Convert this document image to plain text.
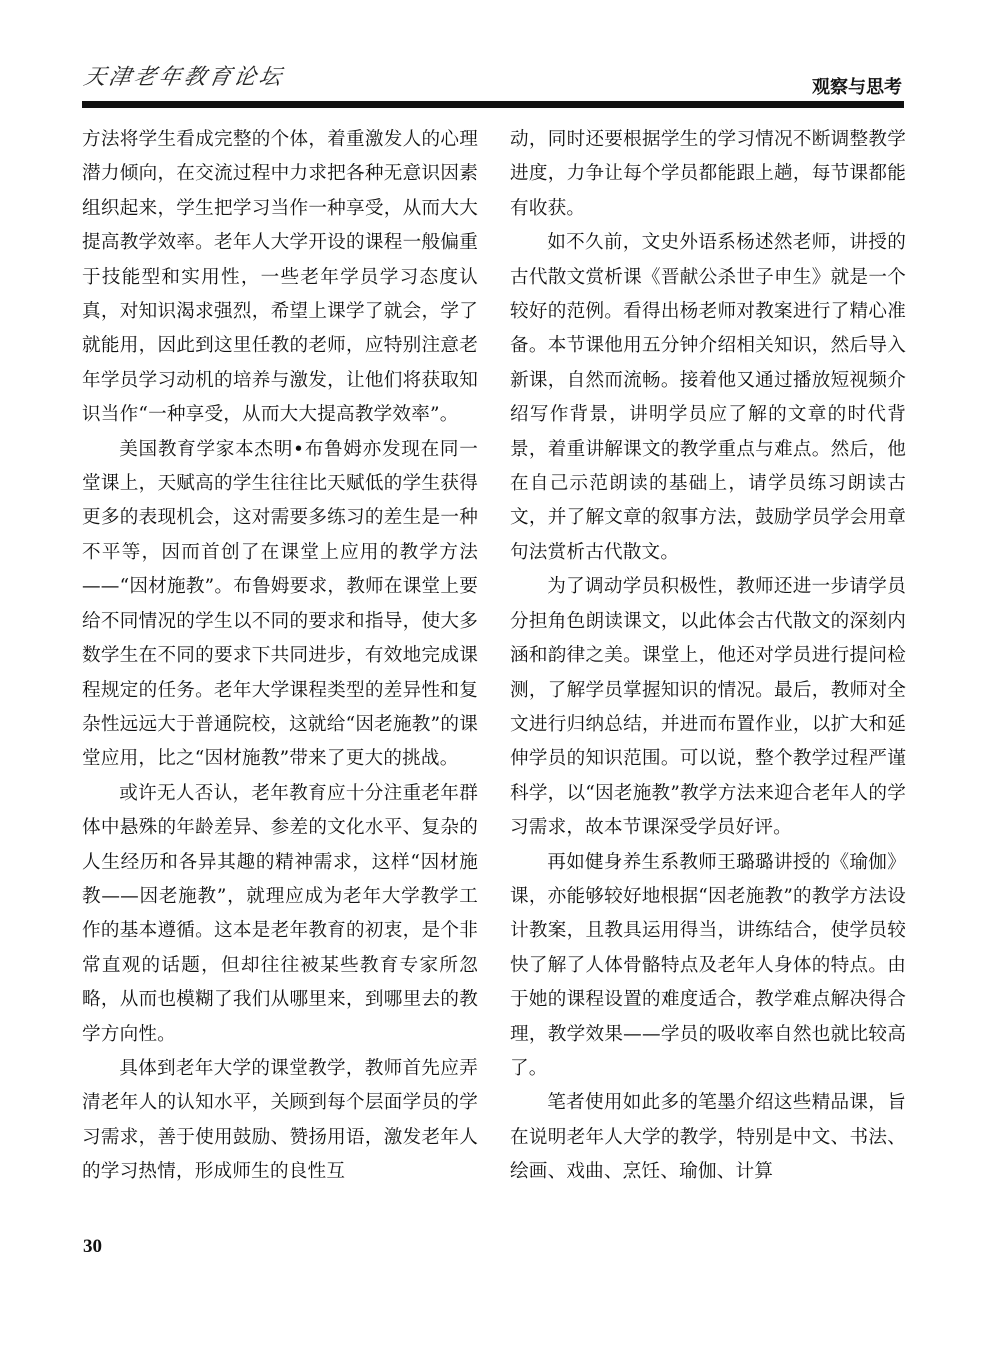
天津老年教育论坛	观察与思考

方法将学生看成完整的个体，着重激发人的心理潜力倾向，在交流过程中力求把各种无意识因素组织起来，学生把学习当作一种享受，从而大大提高教学效率。老年人大学开设的课程一般偏重于技能型和实用性，一些老年学员学习态度认真，对知识渴求强烈，希望上课学了就会，学了就能用，因此到这里任教的老师，应特别注意老年学员学习动机的培养与激发，让他们将获取知识当作“一种享受，从而大大提高教学效率”。

美国教育学家本杰明•布鲁姆亦发现在同一堂课上，天赋高的学生往往比天赋低的学生获得更多的表现机会，这对需要多练习的差生是一种不平等，因而首创了在课堂上应用的教学方法——“因材施教”。布鲁姆要求，教师在课堂上要给不同情况的学生以不同的要求和指导，使大多数学生在不同的要求下共同进步，有效地完成课程规定的任务。老年大学课程类型的差异性和复杂性远远大于普通院校，这就给“因老施教”的课堂应用，比之“因材施教”带来了更大的挑战。

或许无人否认，老年教育应十分注重老年群体中悬殊的年龄差异、参差的文化水平、复杂的人生经历和各异其趣的精神需求，这样“因材施教——因老施教”，就理应成为老年大学教学工作的基本遵循。这本是老年教育的初衷，是个非常直观的话题，但却往往被某些教育专家所忽略，从而也模糊了我们从哪里来，到哪里去的教学方向性。

具体到老年大学的课堂教学，教师首先应弄清老年人的认知水平，关顾到每个层面学员的学习需求，善于使用鼓励、赞扬用语，激发老年人的学习热情，形成师生的良性互

动，同时还要根据学生的学习情况不断调整教学进度，力争让每个学员都能跟上趟，每节课都能有收获。

如不久前，文史外语系杨述然老师，讲授的古代散文赏析课《晋献公杀世子申生》就是一个较好的范例。看得出杨老师对教案进行了精心准备。本节课他用五分钟介绍相关知识，然后导入新课，自然而流畅。接着他又通过播放短视频介绍写作背景，讲明学员应了解的文章的时代背景，着重讲解课文的教学重点与难点。然后，他在自己示范朗读的基础上，请学员练习朗读古文，并了解文章的叙事方法，鼓励学员学会用章句法赏析古代散文。

为了调动学员积极性，教师还进一步请学员分担角色朗读课文，以此体会古代散文的深刻内涵和韵律之美。课堂上，他还对学员进行提问检测，了解学员掌握知识的情况。最后，教师对全文进行归纳总结，并进而布置作业，以扩大和延伸学员的知识范围。可以说，整个教学过程严谨科学，以“因老施教”教学方法来迎合老年人的学习需求，故本节课深受学员好评。

再如健身养生系教师王璐璐讲授的《瑜伽》课，亦能够较好地根据“因老施教”的教学方法设计教案，且教具运用得当，讲练结合，使学员较快了解了人体骨骼特点及老年人身体的特点。由于她的课程设置的难度适合，教学难点解决得合理，教学效果——学员的吸收率自然也就比较高了。

笔者使用如此多的笔墨介绍这些精品课，旨在说明老年人大学的教学，特别是中文、书法、绘画、戏曲、烹饪、瑜伽、计算

30
